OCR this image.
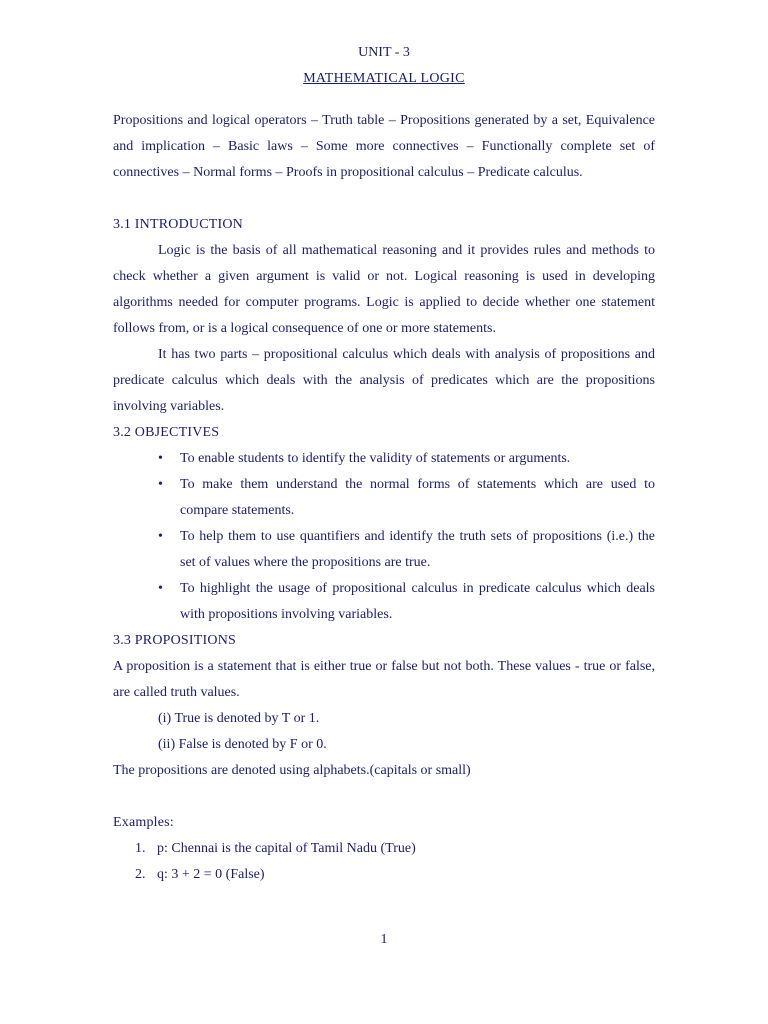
UNIT - 3
MATHEMATICAL LOGIC

Propositions and logical operators – Truth table – Propositions generated by a set, Equivalence and implication – Basic laws – Some more connectives – Functionally complete set of connectives – Normal forms – Proofs in propositional calculus – Predicate calculus.

3.1 INTRODUCTION

Logic is the basis of all mathematical reasoning and it provides rules and methods to check whether a given argument is valid or not. Logical reasoning is used in developing algorithms needed for computer programs. Logic is applied to decide whether one statement follows from, or is a logical consequence of one or more statements.

It has two parts – propositional calculus which deals with analysis of propositions and predicate calculus which deals with the analysis of predicates which are the propositions involving variables.

3.2 OBJECTIVES

• To enable students to identify the validity of statements or arguments.
• To make them understand the normal forms of statements which are used to compare statements.
• To help them to use quantifiers and identify the truth sets of propositions (i.e.) the set of values where the propositions are true.
• To highlight the usage of propositional calculus in predicate calculus which deals with propositions involving variables.

3.3 PROPOSITIONS

A proposition is a statement that is either true or false but not both. These values - true or false, are called truth values.

(i) True is denoted by T or 1.
(ii) False is denoted by F or 0.

The propositions are denoted using alphabets.(capitals or small)

Examples:

1. p: Chennai is the capital of Tamil Nadu (True)
2. q: 3 + 2 = 0 (False)
1
